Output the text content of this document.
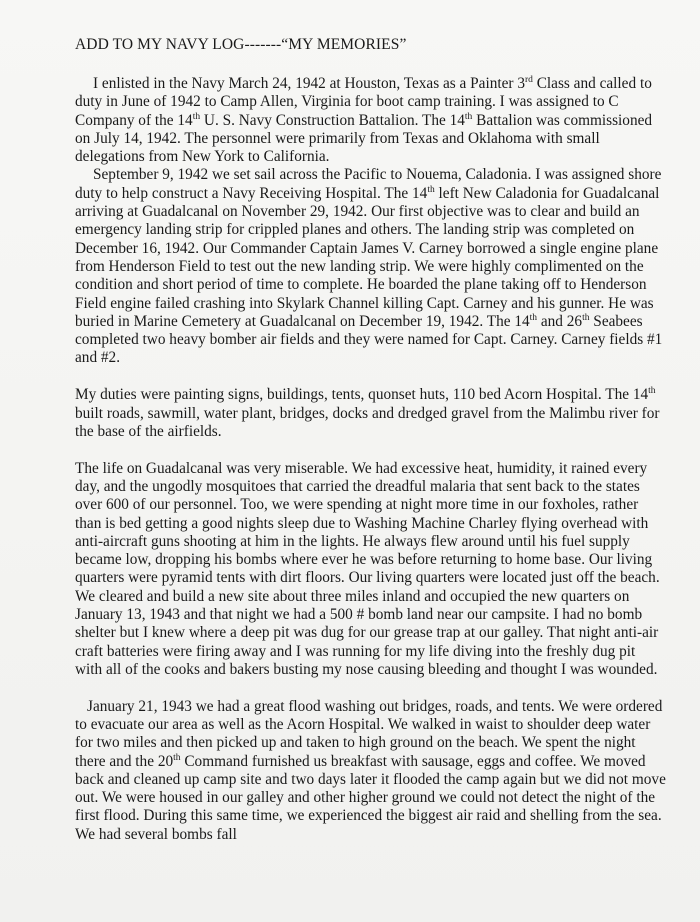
ADD TO MY NAVY LOG-------“MY MEMORIES”

I enlisted in the Navy March 24, 1942 at Houston, Texas as a Painter 3rd Class and called to duty in June of 1942 to Camp Allen, Virginia for boot camp training. I was assigned to C Company of the 14th U. S. Navy Construction Battalion. The 14th Battalion was commissioned on July 14, 1942. The personnel were primarily from Texas and Oklahoma with small delegations from New York to California.

September 9, 1942 we set sail across the Pacific to Nouema, Caladonia. I was assigned shore duty to help construct a Navy Receiving Hospital. The 14th left New Caladonia for Guadalcanal arriving at Guadalcanal on November 29, 1942. Our first objective was to clear and build an emergency landing strip for crippled planes and others. The landing strip was completed on December 16, 1942. Our Commander Captain James V. Carney borrowed a single engine plane from Henderson Field to test out the new landing strip. We were highly complimented on the condition and short period of time to complete. He boarded the plane taking off to Henderson Field engine failed crashing into Skylark Channel killing Capt. Carney and his gunner. He was buried in Marine Cemetery at Guadalcanal on December 19, 1942. The 14th and 26th Seabees completed two heavy bomber air fields and they were named for Capt. Carney. Carney fields #1 and #2.

My duties were painting signs, buildings, tents, quonset huts, 110 bed Acorn Hospital. The 14th built roads, sawmill, water plant, bridges, docks and dredged gravel from the Malimbu river for the base of the airfields.

The life on Guadalcanal was very miserable. We had excessive heat, humidity, it rained every day, and the ungodly mosquitoes that carried the dreadful malaria that sent back to the states over 600 of our personnel. Too, we were spending at night more time in our foxholes, rather than is bed getting a good nights sleep due to Washing Machine Charley flying overhead with anti-aircraft guns shooting at him in the lights. He always flew around until his fuel supply became low, dropping his bombs where ever he was before returning to home base. Our living quarters were pyramid tents with dirt floors. Our living quarters were located just off the beach. We cleared and build a new site about three miles inland and occupied the new quarters on January 13, 1943 and that night we had a 500 # bomb land near our campsite. I had no bomb shelter but I knew where a deep pit was dug for our grease trap at our galley. That night anti-air craft batteries were firing away and I was running for my life diving into the freshly dug pit with all of the cooks and bakers busting my nose causing bleeding and thought I was wounded.

January 21, 1943 we had a great flood washing out bridges, roads, and tents. We were ordered to evacuate our area as well as the Acorn Hospital. We walked in waist to shoulder deep water for two miles and then picked up and taken to high ground on the beach. We spent the night there and the 20th Command furnished us breakfast with sausage, eggs and coffee. We moved back and cleaned up camp site and two days later it flooded the camp again but we did not move out. We were housed in our galley and other higher ground we could not detect the night of the first flood. During this same time, we experienced the biggest air raid and shelling from the sea. We had several bombs fall
